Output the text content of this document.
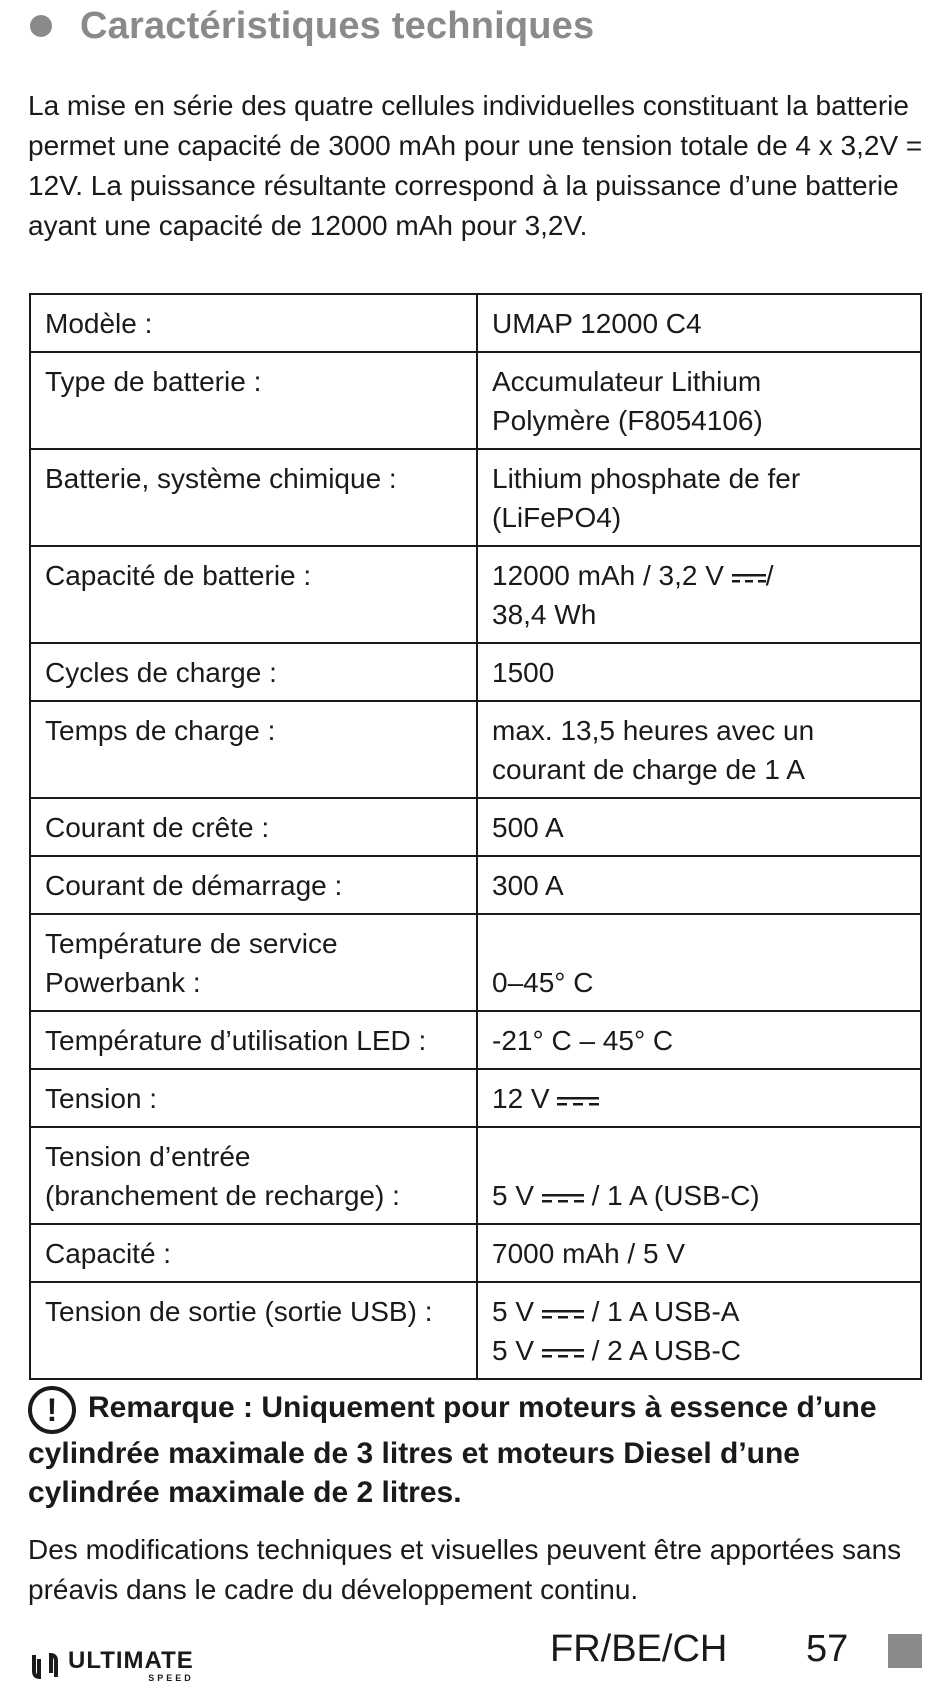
Caractéristiques techniques
La mise en série des quatre cellules individuelles constituant la batterie permet une capacité de 3000 mAh pour une tension totale de 4 x 3,2V = 12V. La puissance résultante correspond à la puissance d’une batterie ayant une capacité de 12000 mAh pour 3,2V.
Modèle :	UMAP 12000 C4
Type de batterie :	Accumulateur Lithium
Polymère (F8054106)
Batterie, système chimique :	Lithium phosphate de fer
(LiFePO4)
Capacité de batterie :	12000 mAh / 3,2 V /
38,4 Wh
Cycles de charge :	1500
Temps de charge :	max. 13,5 heures avec un
courant de charge de 1 A
Courant de crête :	500 A
Courant de démarrage :	300 A
Température de service
Powerbank :	0–45° C
Température d’utilisation LED :	-21° C – 45° C
Tension :	12 V
Tension d’entrée
(branchement de recharge) :	5 V / 1 A (USB-C)
Capacité :	7000 mAh / 5 V
Tension de sortie (sortie USB) :	5 V / 1 A USB-A
5 V / 2 A USB-C
! Remarque : Uniquement pour moteurs à essence d’une cylindrée maximale de 3 litres et moteurs Diesel d’une cylindrée maximale de 2 litres.
Des modifications techniques et visuelles peuvent être apportées sans préavis dans le cadre du développement continu.
ULTIMATE
SPEED
FR/BE/CH 57
